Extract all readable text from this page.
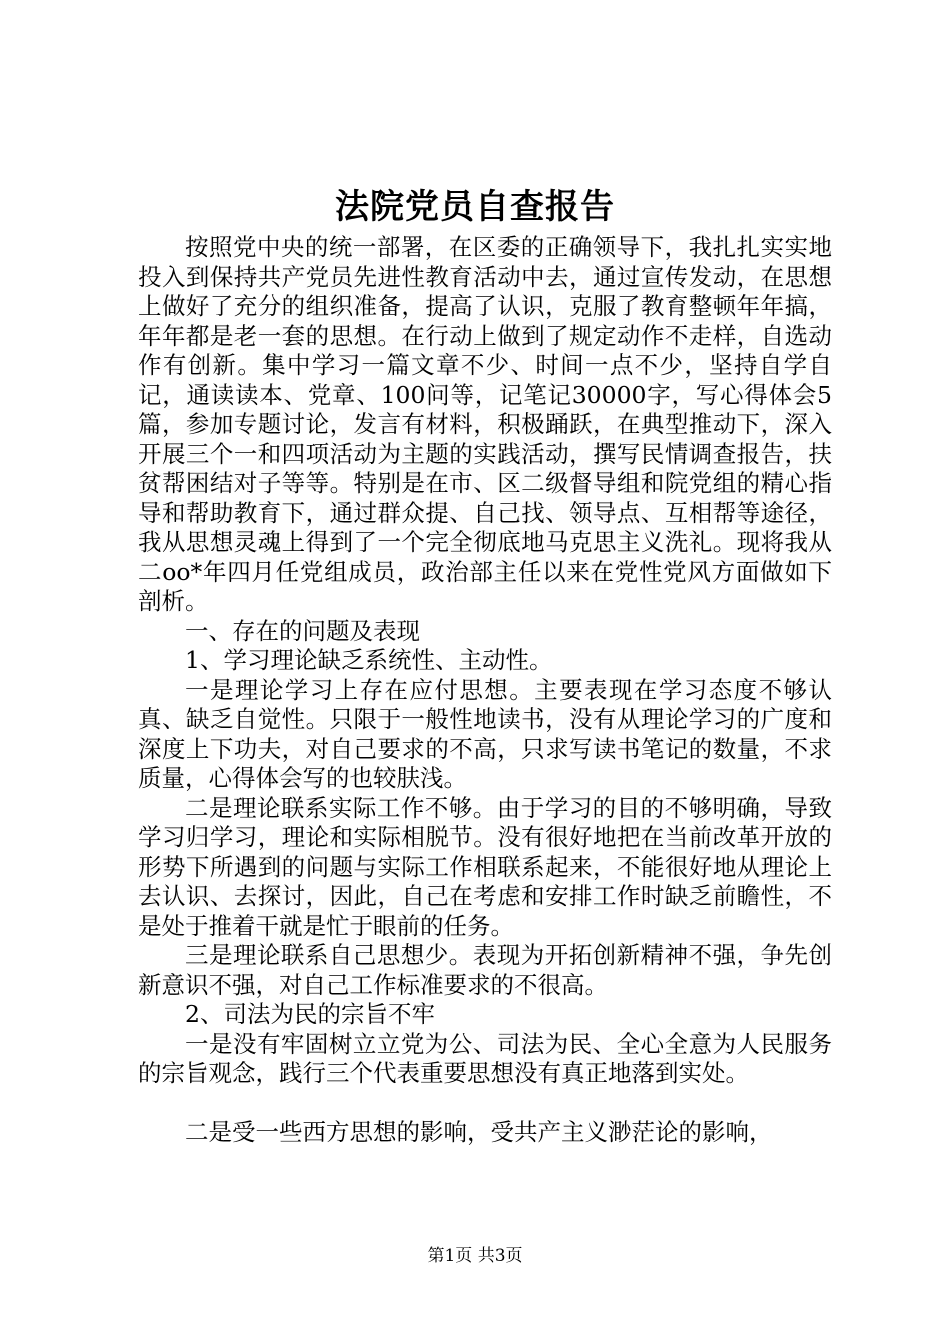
法院党员自查报告

按照党中央的统一部署，在区委的正确领导下，我扎扎实实地投入到保持共产党员先进性教育活动中去，通过宣传发动，在思想上做好了充分的组织准备，提高了认识，克服了教育整顿年年搞，年年都是老一套的思想。在行动上做到了规定动作不走样，自选动作有创新。集中学习一篇文章不少、时间一点不少，坚持自学自记，通读读本、党章、100问等，记笔记30000字，写心得体会5篇，参加专题讨论，发言有材料，积极踊跃，在典型推动下，深入开展三个一和四项活动为主题的实践活动，撰写民情调查报告，扶贫帮困结对子等等。特别是在市、区二级督导组和院党组的精心指导和帮助教育下，通过群众提、自己找、领导点、互相帮等途径，我从思想灵魂上得到了一个完全彻底地马克思主义洗礼。现将我从二oo*年四月任党组成员，政治部主任以来在党性党风方面做如下剖析。

一、存在的问题及表现

1、学习理论缺乏系统性、主动性。

一是理论学习上存在应付思想。主要表现在学习态度不够认真、缺乏自觉性。只限于一般性地读书，没有从理论学习的广度和深度上下功夫，对自己要求的不高，只求写读书笔记的数量，不求质量，心得体会写的也较肤浅。

二是理论联系实际工作不够。由于学习的目的不够明确，导致学习归学习，理论和实际相脱节。没有很好地把在当前改革开放的形势下所遇到的问题与实际工作相联系起来，不能很好地从理论上去认识、去探讨，因此，自己在考虑和安排工作时缺乏前瞻性，不是处于推着干就是忙于眼前的任务。

三是理论联系自己思想少。表现为开拓创新精神不强，争先创新意识不强，对自己工作标准要求的不很高。

2、司法为民的宗旨不牢

一是没有牢固树立立党为公、司法为民、全心全意为人民服务的宗旨观念，践行三个代表重要思想没有真正地落到实处。

二是受一些西方思想的影响，受共产主义渺茫论的影响，

第1页 共3页
